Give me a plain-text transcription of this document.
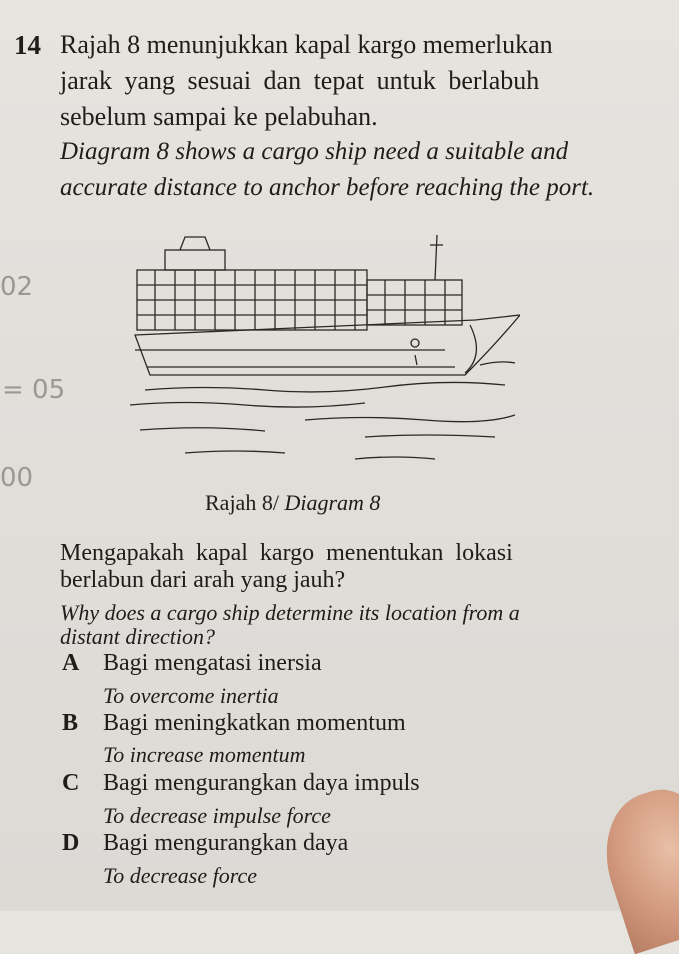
02
= 05
00
14 Rajah 8 menunjukkan kapal kargo memerlukan
jarak yang sesuai dan tepat untuk berlabuh
sebelum sampai ke pelabuhan.
Diagram 8 shows a cargo ship need a suitable and
accurate distance to anchor before reaching the port.
Rajah 8/ Diagram 8
Mengapakah kapal kargo menentukan lokasi
berlabun dari arah yang jauh?
Why does a cargo ship determine its location from a
distant direction?
A Bagi mengatasi inersia
To overcome inertia
B Bagi meningkatkan momentum
To increase momentum
C Bagi mengurangkan daya impuls
To decrease impulse force
D Bagi mengurangkan daya
To decrease force
